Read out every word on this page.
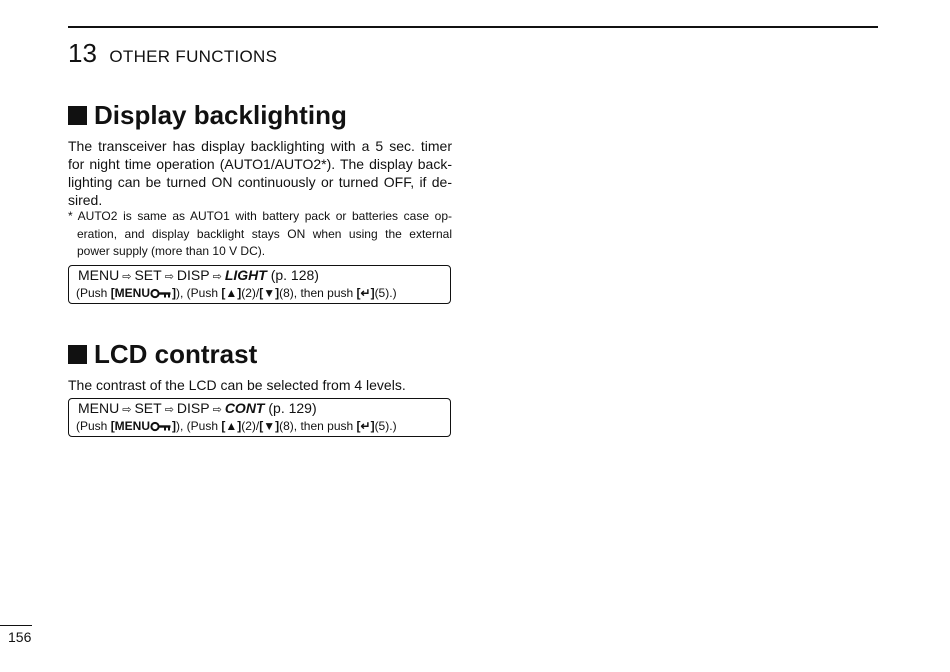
13 OTHER FUNCTIONS
Display backlighting
The transceiver has display backlighting with a 5 sec. timer
for night time operation (AUTO1/AUTO2*). The display back-
lighting can be turned ON continuously or turned OFF, if de-
sired.
* AUTO2 is same as AUTO1 with battery pack or batteries case op-
eration, and display backlight stays ON when using the external
power supply (more than 10 V DC).
MENU ⇨ SET ⇨ DISP ⇨ LIGHT (p. 128)
(Push [MENU ]), (Push [▲](2)/[▼](8), then push [↵](5).)
LCD contrast
The contrast of the LCD can be selected from 4 levels.
MENU ⇨ SET ⇨ DISP ⇨ CONT (p. 129)
(Push [MENU ]), (Push [▲](2)/[▼](8), then push [↵](5).)
156
